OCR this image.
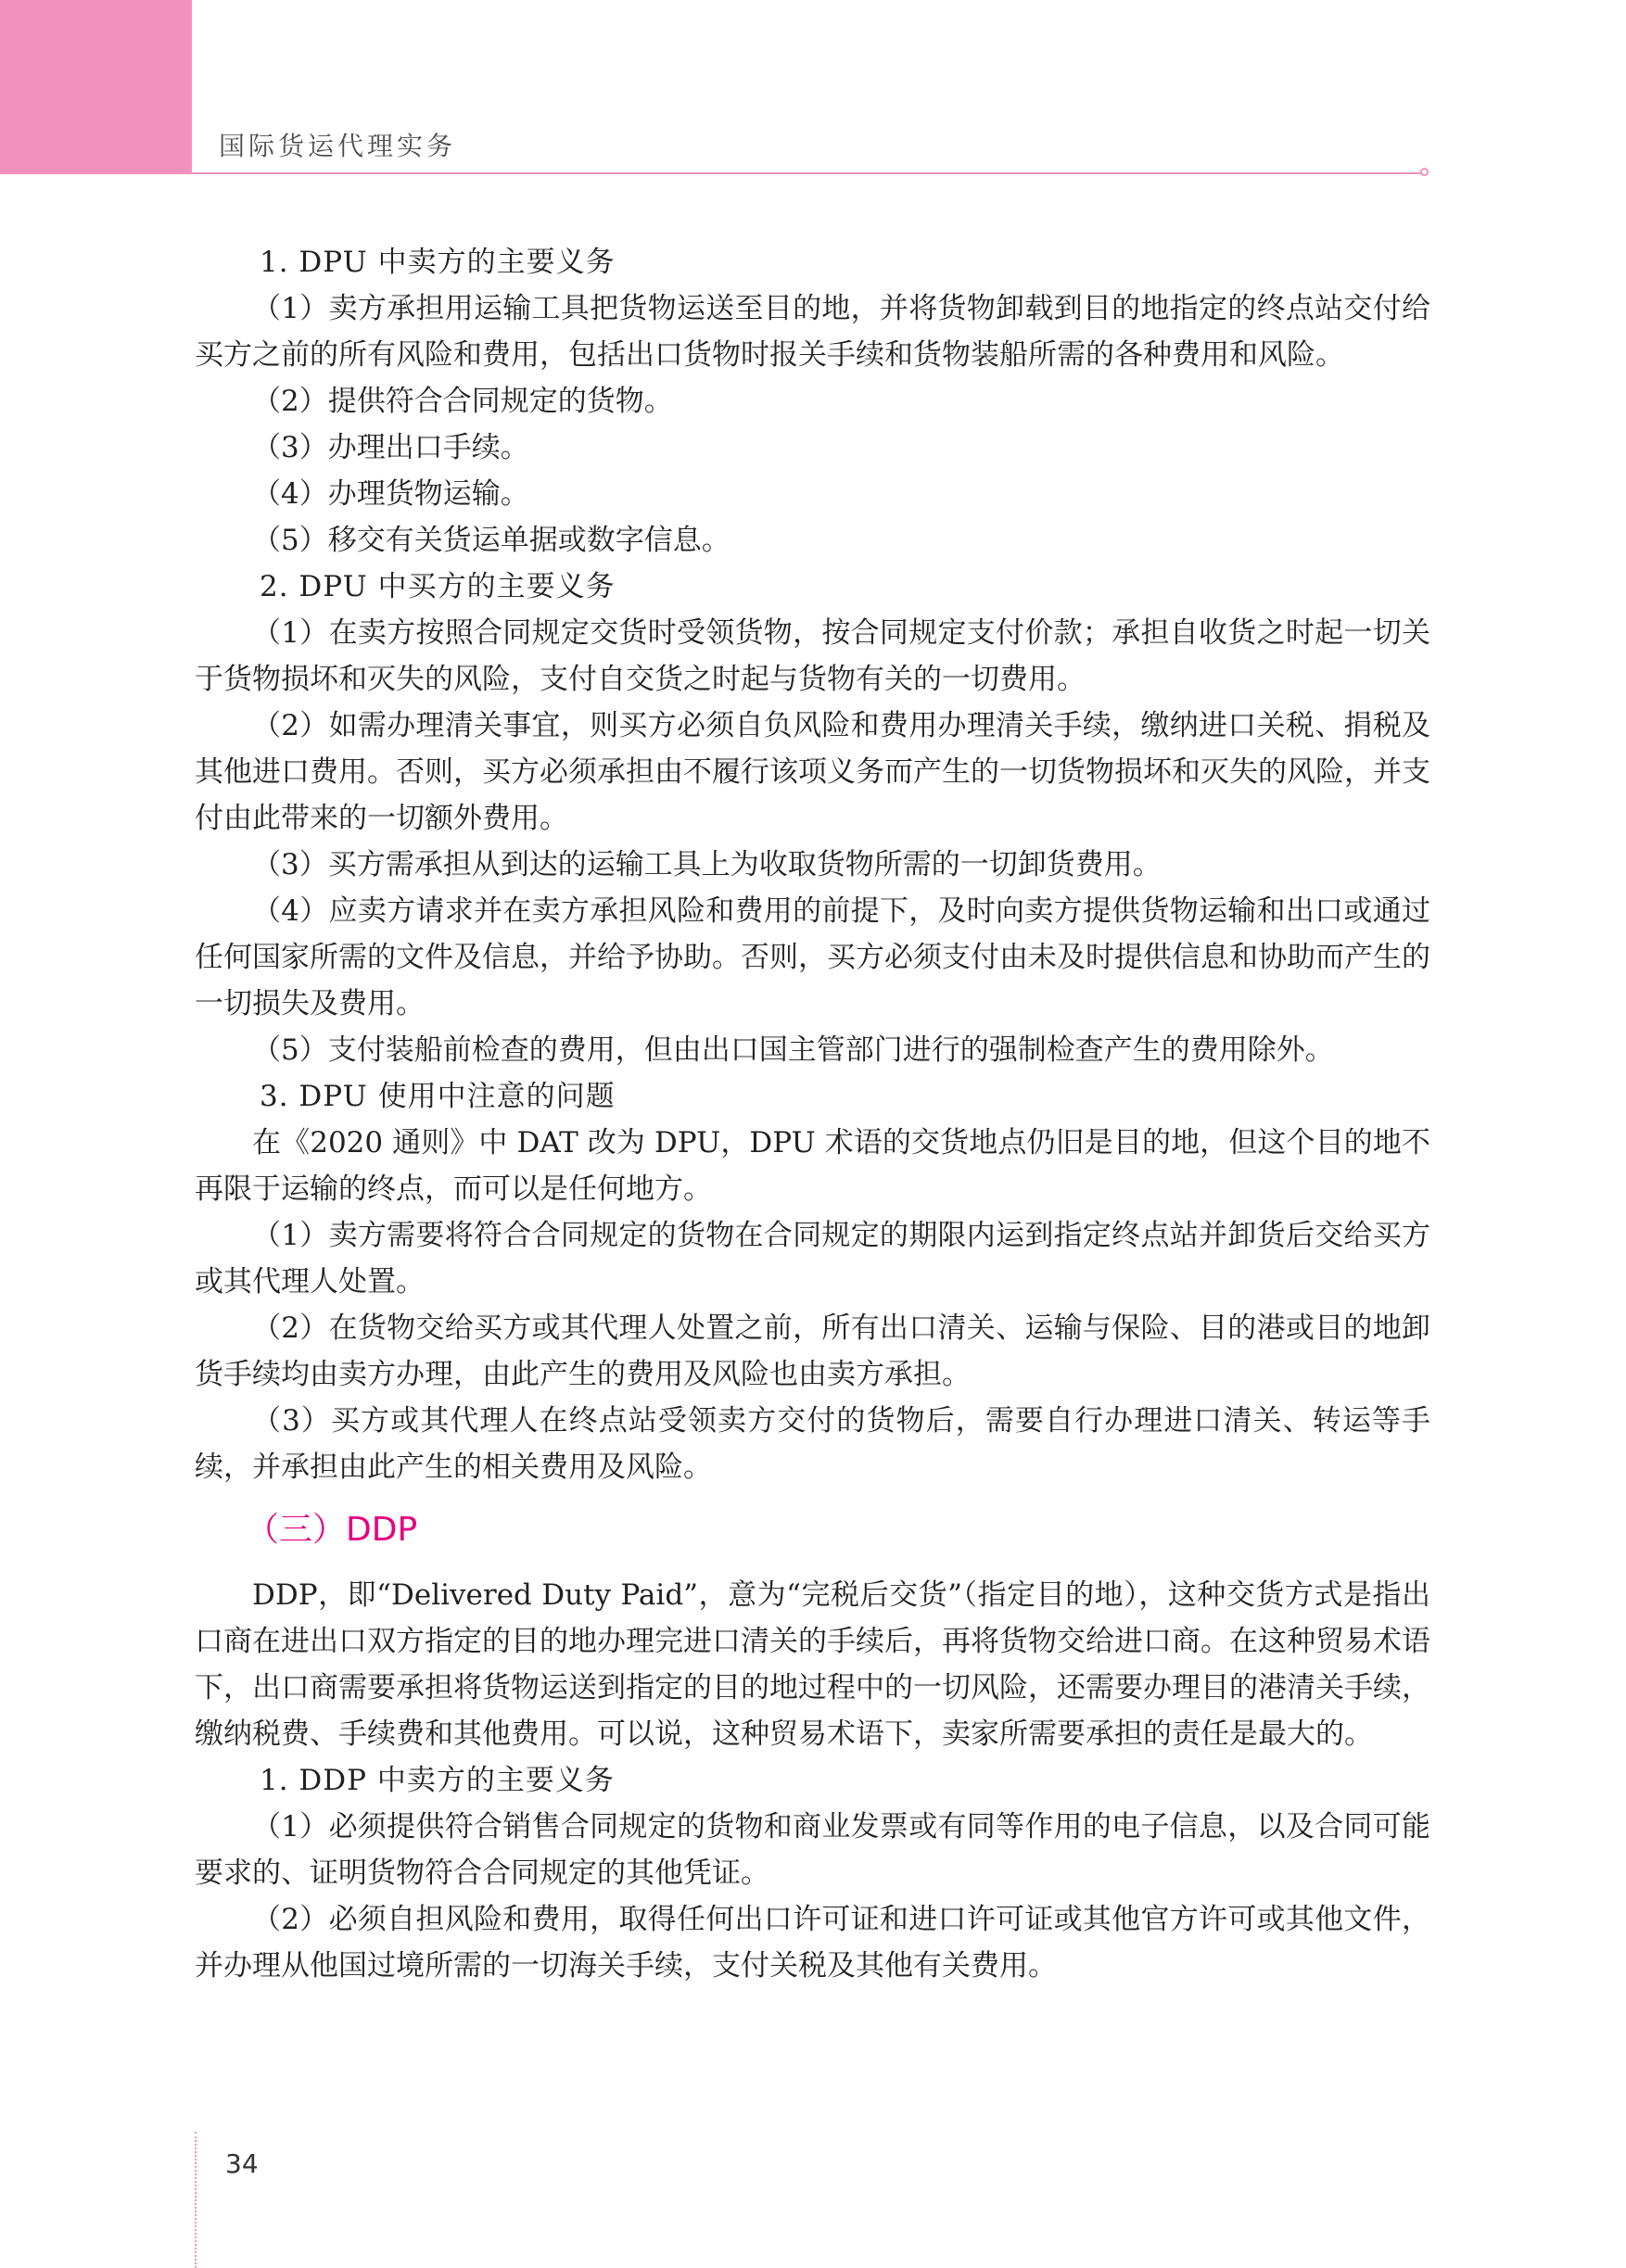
国际货运代理实务

1. DPU 中卖方的主要义务

（1）卖方承担用运输工具把货物运送至目的地，并将货物卸载到目的地指定的终点站交付给买方之前的所有风险和费用，包括出口货物时报关手续和货物装船所需的各种费用和风险。

（2）提供符合合同规定的货物。

（3）办理出口手续。

（4）办理货物运输。

（5）移交有关货运单据或数字信息。

2. DPU 中买方的主要义务

（1）在卖方按照合同规定交货时受领货物，按合同规定支付价款；承担自收货之时起一切关于货物损坏和灭失的风险，支付自交货之时起与货物有关的一切费用。

（2）如需办理清关事宜，则买方必须自负风险和费用办理清关手续，缴纳进口关税、捐税及其他进口费用。否则，买方必须承担由不履行该项义务而产生的一切货物损坏和灭失的风险，并支付由此带来的一切额外费用。

（3）买方需承担从到达的运输工具上为收取货物所需的一切卸货费用。

（4）应卖方请求并在卖方承担风险和费用的前提下，及时向卖方提供货物运输和出口或通过任何国家所需的文件及信息，并给予协助。否则，买方必须支付由未及时提供信息和协助而产生的一切损失及费用。

（5）支付装船前检查的费用，但由出口国主管部门进行的强制检查产生的费用除外。

3. DPU 使用中注意的问题

在《2020 通则》中 DAT 改为 DPU，DPU 术语的交货地点仍旧是目的地，但这个目的地不再限于运输的终点，而可以是任何地方。

（1）卖方需要将符合合同规定的货物在合同规定的期限内运到指定终点站并卸货后交给买方或其代理人处置。

（2）在货物交给买方或其代理人处置之前，所有出口清关、运输与保险、目的港或目的地卸货手续均由卖方办理，由此产生的费用及风险也由卖方承担。

（3）买方或其代理人在终点站受领卖方交付的货物后，需要自行办理进口清关、转运等手续，并承担由此产生的相关费用及风险。

（三）DDP

DDP，即“Delivered Duty Paid”，意为“完税后交货”（指定目的地），这种交货方式是指出口商在进出口双方指定的目的地办理完进口清关的手续后，再将货物交给进口商。在这种贸易术语下，出口商需要承担将货物运送到指定的目的地过程中的一切风险，还需要办理目的港清关手续，缴纳税费、手续费和其他费用。可以说，这种贸易术语下，卖家所需要承担的责任是最大的。

1. DDP 中卖方的主要义务

（1）必须提供符合销售合同规定的货物和商业发票或有同等作用的电子信息，以及合同可能要求的、证明货物符合合同规定的其他凭证。

（2）必须自担风险和费用，取得任何出口许可证和进口许可证或其他官方许可或其他文件，并办理从他国过境所需的一切海关手续，支付关税及其他有关费用。

34
